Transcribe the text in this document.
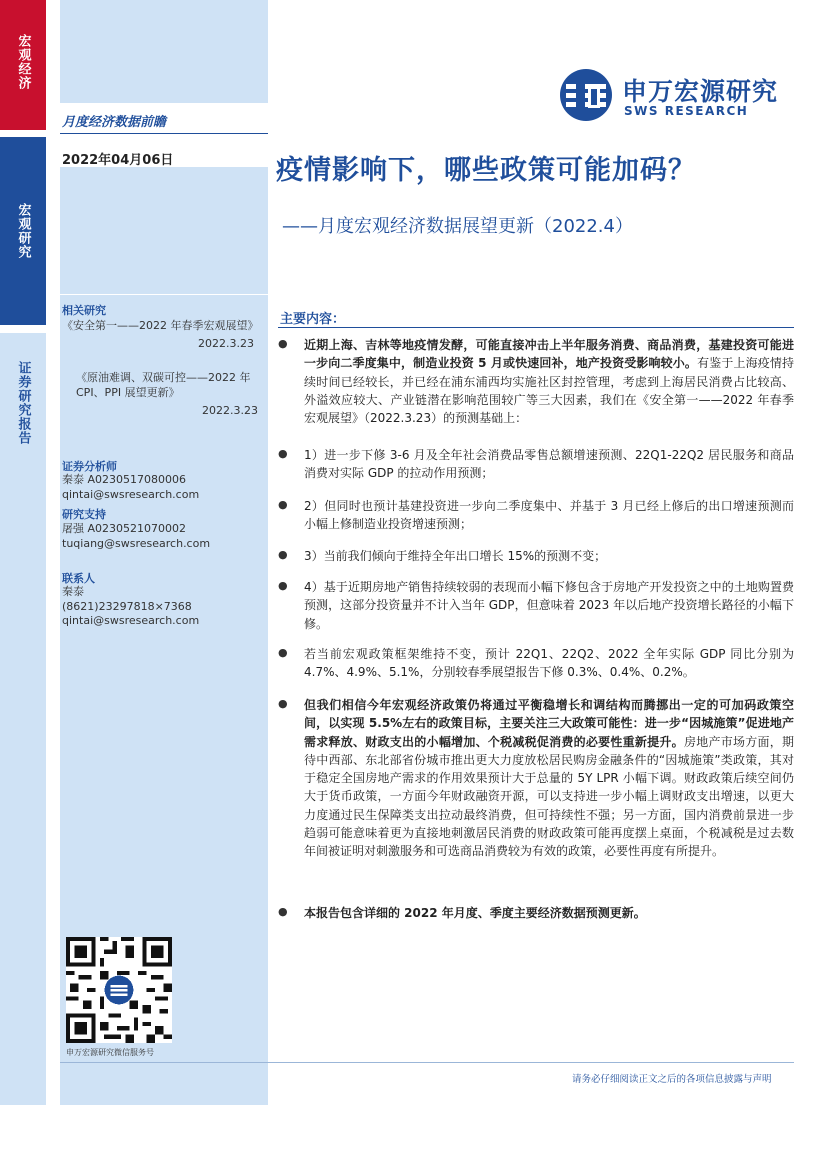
宏观经济
宏观研究
证券研究报告
月度经济数据前瞻
2022年04月06日
申万宏源研究
SWS RESEARCH
疫情影响下，哪些政策可能加码？
——月度宏观经济数据展望更新（2022.4）
相关研究
《安全第一——2022 年春季宏观展望》
2022.3.23
《原油难调、双碳可控——2022 年
CPI、PPI 展望更新》
2022.3.23
证券分析师
秦泰 A0230517080006
qintai@swsresearch.com
研究支持
屠强 A0230521070002
tuqiang@swsresearch.com
联系人
秦泰
(8621)23297818×7368
qintai@swsresearch.com
申万宏源研究微信服务号
主要内容：
● 近期上海、吉林等地疫情发酵，可能直接冲击上半年服务消费、商品消费，基建投资可能进一步向二季度集中，制造业投资 5 月或快速回补，地产投资受影响较小。有鉴于上海疫情持续时间已经较长，并已经在浦东浦西均实施社区封控管理，考虑到上海居民消费占比较高、外溢效应较大、产业链潜在影响范围较广等三大因素，我们在《安全第一——2022 年春季宏观展望》（2022.3.23）的预测基础上：
● 1）进一步下修 3-6 月及全年社会消费品零售总额增速预测、22Q1-22Q2 居民服务和商品消费对实际 GDP 的拉动作用预测；
● 2）但同时也预计基建投资进一步向二季度集中、并基于 3 月已经上修后的出口增速预测而小幅上修制造业投资增速预测；
● 3）当前我们倾向于维持全年出口增长 15%的预测不变；
● 4）基于近期房地产销售持续较弱的表现而小幅下修包含于房地产开发投资之中的土地购置费预测，这部分投资量并不计入当年 GDP，但意味着 2023 年以后地产投资增长路径的小幅下修。
● 若当前宏观政策框架维持不变，预计 22Q1、22Q2、2022 全年实际 GDP 同比分别为 4.7%、4.9%、5.1%，分别较春季展望报告下修 0.3%、0.4%、0.2%。
● 但我们相信今年宏观经济政策仍将通过平衡稳增长和调结构而腾挪出一定的可加码政策空间，以实现 5.5%左右的政策目标，主要关注三大政策可能性：进一步“因城施策”促进地产需求释放、财政支出的小幅增加、个税减税促消费的必要性重新提升。房地产市场方面，期待中西部、东北部省份城市推出更大力度放松居民购房金融条件的“因城施策”类政策，其对于稳定全国房地产需求的作用效果预计大于总量的 5Y LPR 小幅下调。财政政策后续空间仍大于货币政策，一方面今年财政融资开源，可以支持进一步小幅上调财政支出增速，以更大力度通过民生保障类支出拉动最终消费，但可持续性不强；另一方面，国内消费前景进一步趋弱可能意味着更为直接地刺激居民消费的财政政策可能再度摆上桌面，个税减税是过去数年间被证明对刺激服务和可选商品消费较为有效的政策，必要性再度有所提升。
● 本报告包含详细的 2022 年月度、季度主要经济数据预测更新。
请务必仔细阅读正文之后的各项信息披露与声明
